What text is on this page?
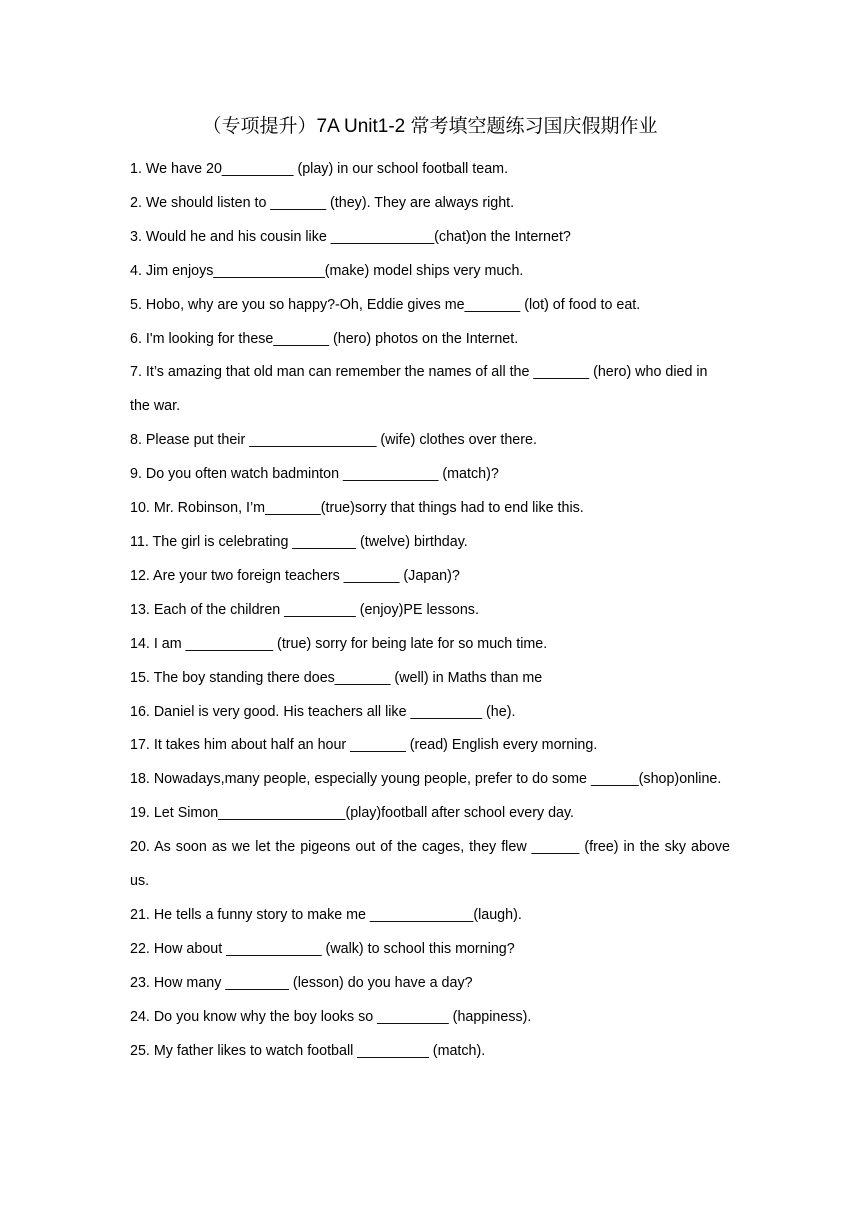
（专项提升）7A Unit1-2 常考填空题练习国庆假期作业
1. We have 20_________ (play) in our school football team.
2. We should listen to _______ (they). They are always right.
3. Would he and his cousin like _____________(chat)on the Internet?
4. Jim enjoys______________(make) model ships very much.
5. Hobo, why are you so happy?-Oh, Eddie gives me_______ (lot) of food to eat.
6. I'm looking for these_______ (hero) photos on the Internet.
7. It’s amazing that old man can remember the names of all the _______ (hero) who died in the war.
8. Please put their ________________ (wife) clothes over there.
9. Do you often watch badminton ____________ (match)?
10. Mr. Robinson, I’m_______(true)sorry that things had to end like this.
11. The girl is celebrating ________ (twelve) birthday.
12. Are your two foreign teachers _______ (Japan)?
13. Each of the children _________ (enjoy)PE lessons.
14. I am ___________ (true) sorry for being late for so much time.
15. The boy standing there does_______ (well) in Maths than me
16. Daniel is very good. His teachers all like _________ (he).
17. It takes him about half an hour _______ (read) English every morning.
18. Nowadays,many people, especially young people, prefer to do some ______(shop)online.
19. Let Simon________________(play)football after school every day.
20. As soon as we let the pigeons out of the cages, they flew ______ (free) in the sky above us.
21. He tells a funny story to make me _____________(laugh).
22. How about ____________ (walk) to school this morning?
23. How many ________ (lesson) do you have a day?
24. Do you know why the boy looks so _________ (happiness).
25. My father likes to watch football _________ (match).
